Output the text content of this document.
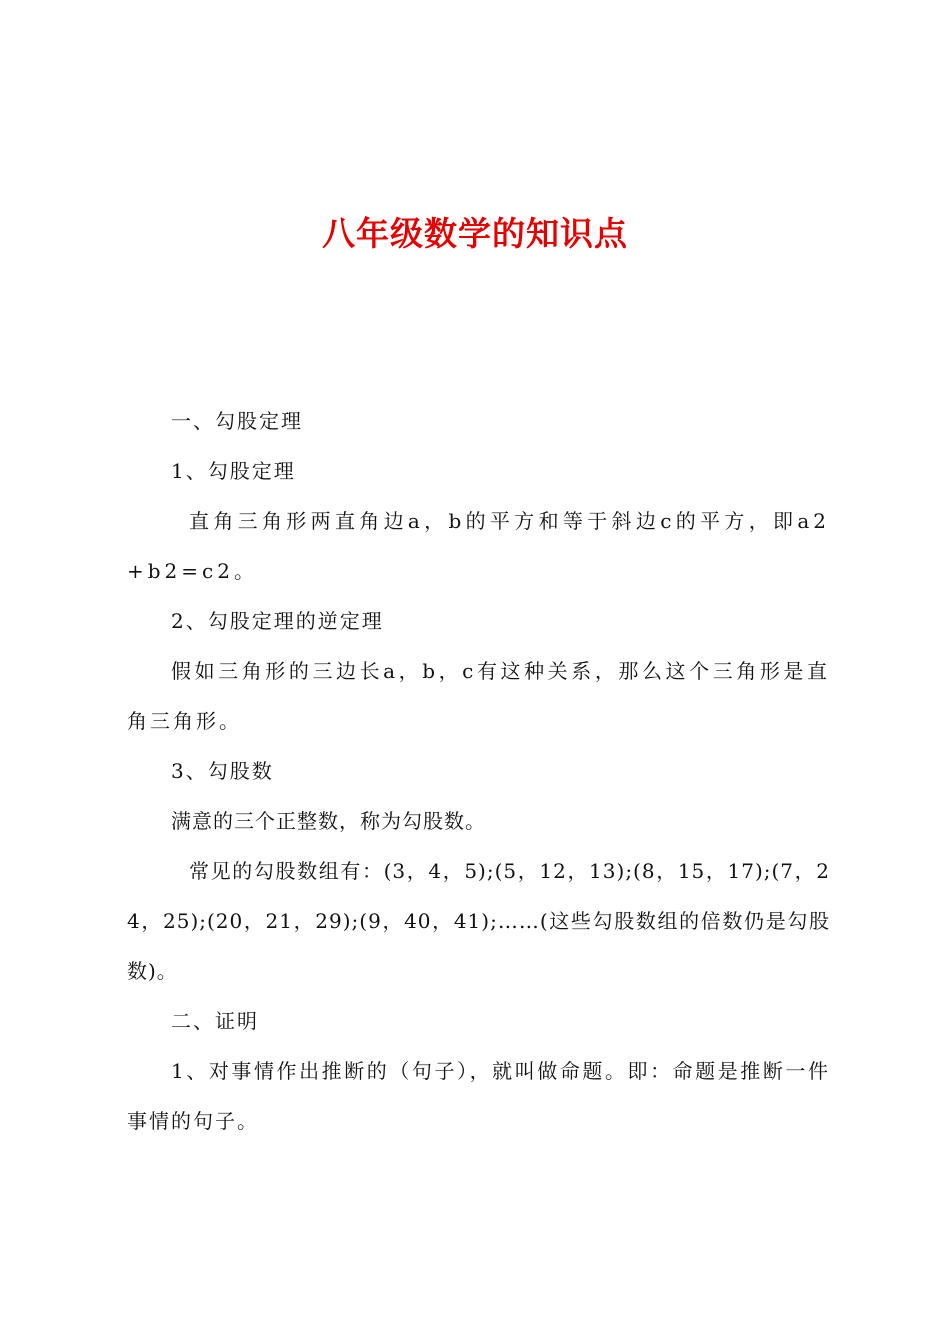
八年级数学的知识点

一、勾股定理

1、勾股定理

直角三角形两直角边a，b的平方和等于斜边c的平方，即a2+b2=c2。

2、勾股定理的逆定理

假如三角形的三边长a，b，c有这种关系，那么这个三角形是直角三角形。

3、勾股数

满意的三个正整数，称为勾股数。

常见的勾股数组有：(3，4，5);(5，12，13);(8，15，17);(7，24，25);(20，21，29);(9，40，41);……(这些勾股数组的倍数仍是勾股数)。

二、证明

1、对事情作出推断的（句子），就叫做命题。即：命题是推断一件事情的句子。
